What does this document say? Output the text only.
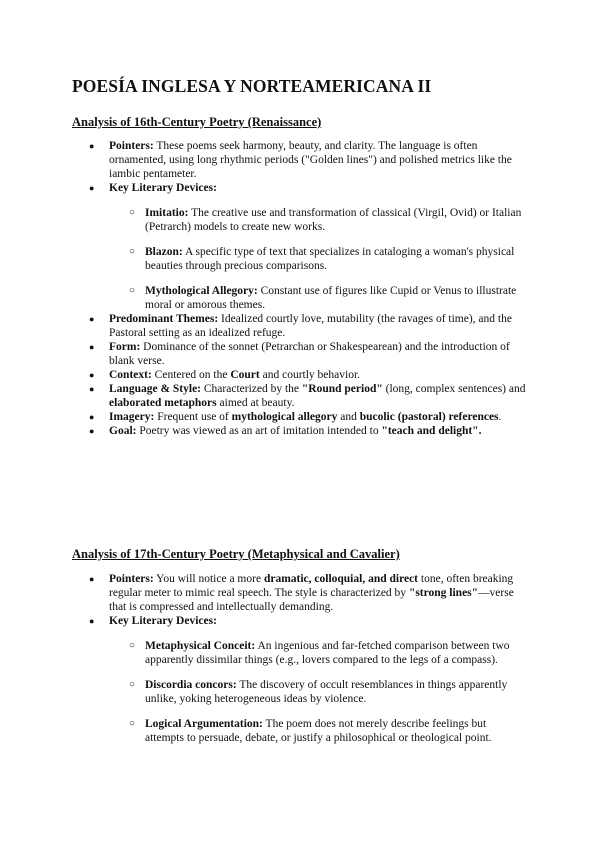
POESÍA INGLESA Y NORTEAMERICANA II
Analysis of 16th-Century Poetry (Renaissance)
● Pointers: These poems seek harmony, beauty, and clarity. The language is often ornamented, using long rhythmic periods ("Golden lines") and polished metrics like the iambic pentameter.
● Key Literary Devices:
○ Imitatio: The creative use and transformation of classical (Virgil, Ovid) or Italian (Petrarch) models to create new works.
○ Blazon: A specific type of text that specializes in cataloging a woman's physical beauties through precious comparisons.
○ Mythological Allegory: Constant use of figures like Cupid or Venus to illustrate moral or amorous themes.
● Predominant Themes: Idealized courtly love, mutability (the ravages of time), and the Pastoral setting as an idealized refuge.
● Form: Dominance of the sonnet (Petrarchan or Shakespearean) and the introduction of blank verse.
● Context: Centered on the Court and courtly behavior.
● Language & Style: Characterized by the "Round period" (long, complex sentences) and elaborated metaphors aimed at beauty.
● Imagery: Frequent use of mythological allegory and bucolic (pastoral) references.
● Goal: Poetry was viewed as an art of imitation intended to "teach and delight".
Analysis of 17th-Century Poetry (Metaphysical and Cavalier)
● Pointers: You will notice a more dramatic, colloquial, and direct tone, often breaking regular meter to mimic real speech. The style is characterized by "strong lines"—verse that is compressed and intellectually demanding.
● Key Literary Devices:
○ Metaphysical Conceit: An ingenious and far-fetched comparison between two apparently dissimilar things (e.g., lovers compared to the legs of a compass).
○ Discordia concors: The discovery of occult resemblances in things apparently unlike, yoking heterogeneous ideas by violence.
○ Logical Argumentation: The poem does not merely describe feelings but attempts to persuade, debate, or justify a philosophical or theological point.
